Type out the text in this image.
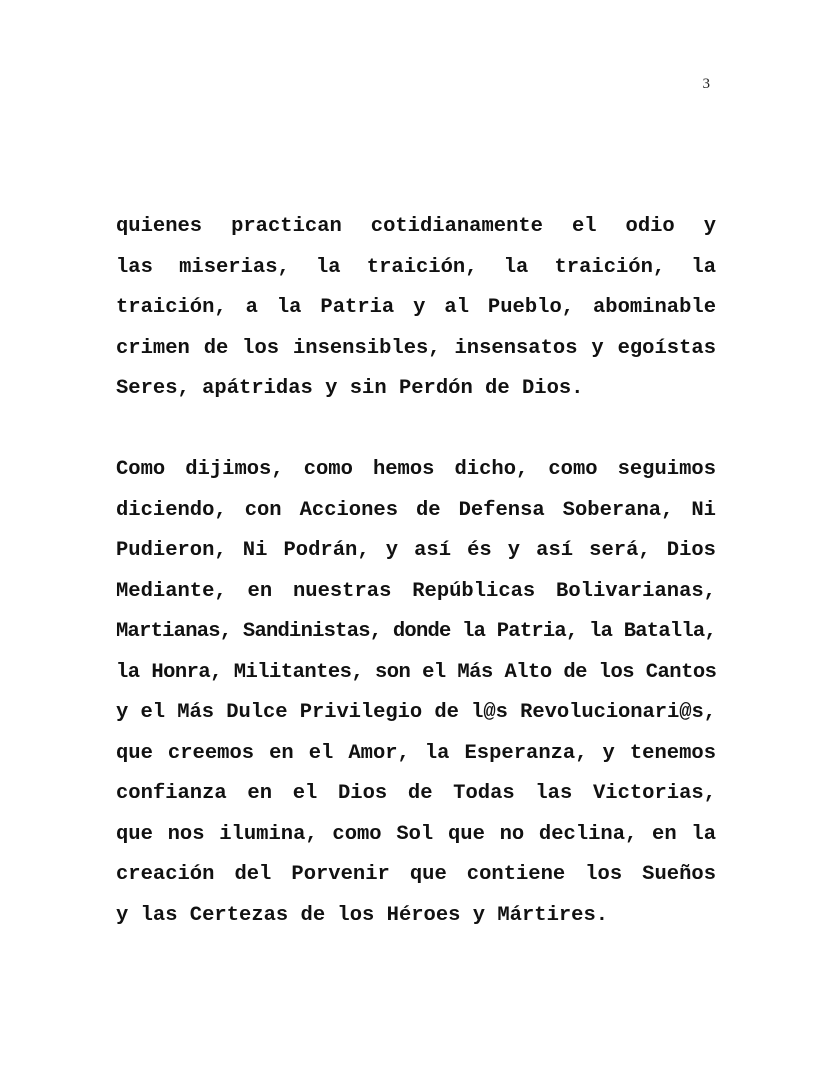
3
quienes practican cotidianamente el odio y
las miserias, la traición, la traición, la
traición, a la Patria y al Pueblo, abominable
crimen de los insensibles, insensatos y egoístas
Seres, apátridas y sin Perdón de Dios.
Como dijimos, como hemos dicho, como seguimos
diciendo, con Acciones de Defensa Soberana, Ni
Pudieron, Ni Podrán, y así és y así será, Dios
Mediante, en nuestras Repúblicas Bolivarianas,
Martianas, Sandinistas, donde la Patria, la Batalla,
la Honra, Militantes, son el Más Alto de los Cantos
y el Más Dulce Privilegio de l@s Revolucionari@s,
que creemos en el Amor, la Esperanza, y tenemos
confianza en el Dios de Todas las Victorias,
que nos ilumina, como Sol que no declina, en la
creación del Porvenir que contiene los Sueños
y las Certezas de los Héroes y Mártires.
